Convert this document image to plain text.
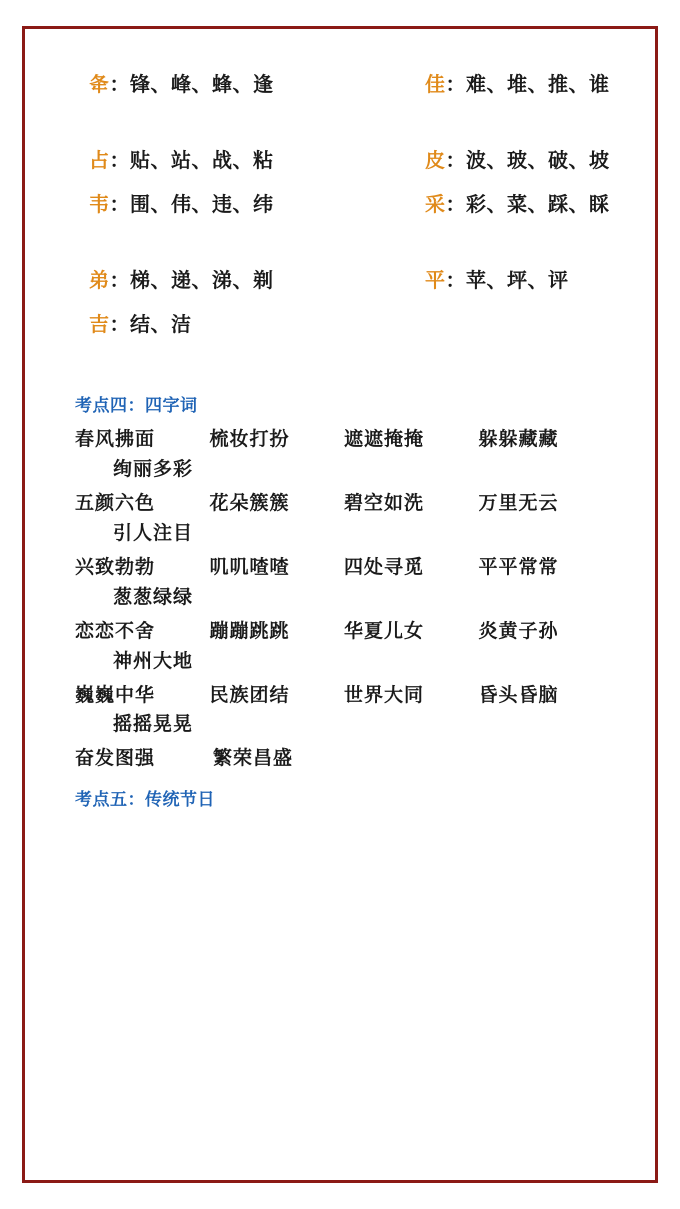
夅 ： 锋、峰、蜂、逢	佳 ： 难、堆、推、谁
占 ： 贴、站、战、粘	皮 ： 波、玻、破、坡
韦 ： 围、伟、违、纬	采 ： 彩、菜、踩、睬
弟 ： 梯、递、涕、剃	平 ： 苹、坪、评
吉 ： 结、洁
考点四：四字词
春风拂面	梳妆打扮	遮遮掩掩	躲躲藏藏
绚丽多彩
五颜六色	花朵簇簇	碧空如洗	万里无云
引人注目
兴致勃勃	叽叽喳喳	四处寻觅	平平常常
葱葱绿绿
恋恋不舍	蹦蹦跳跳	华夏儿女	炎黄子孙
神州大地
巍巍中华	民族团结	世界大同	昏头昏脑
摇摇晃晃
奋发图强	繁荣昌盛
考点五：传统节日
